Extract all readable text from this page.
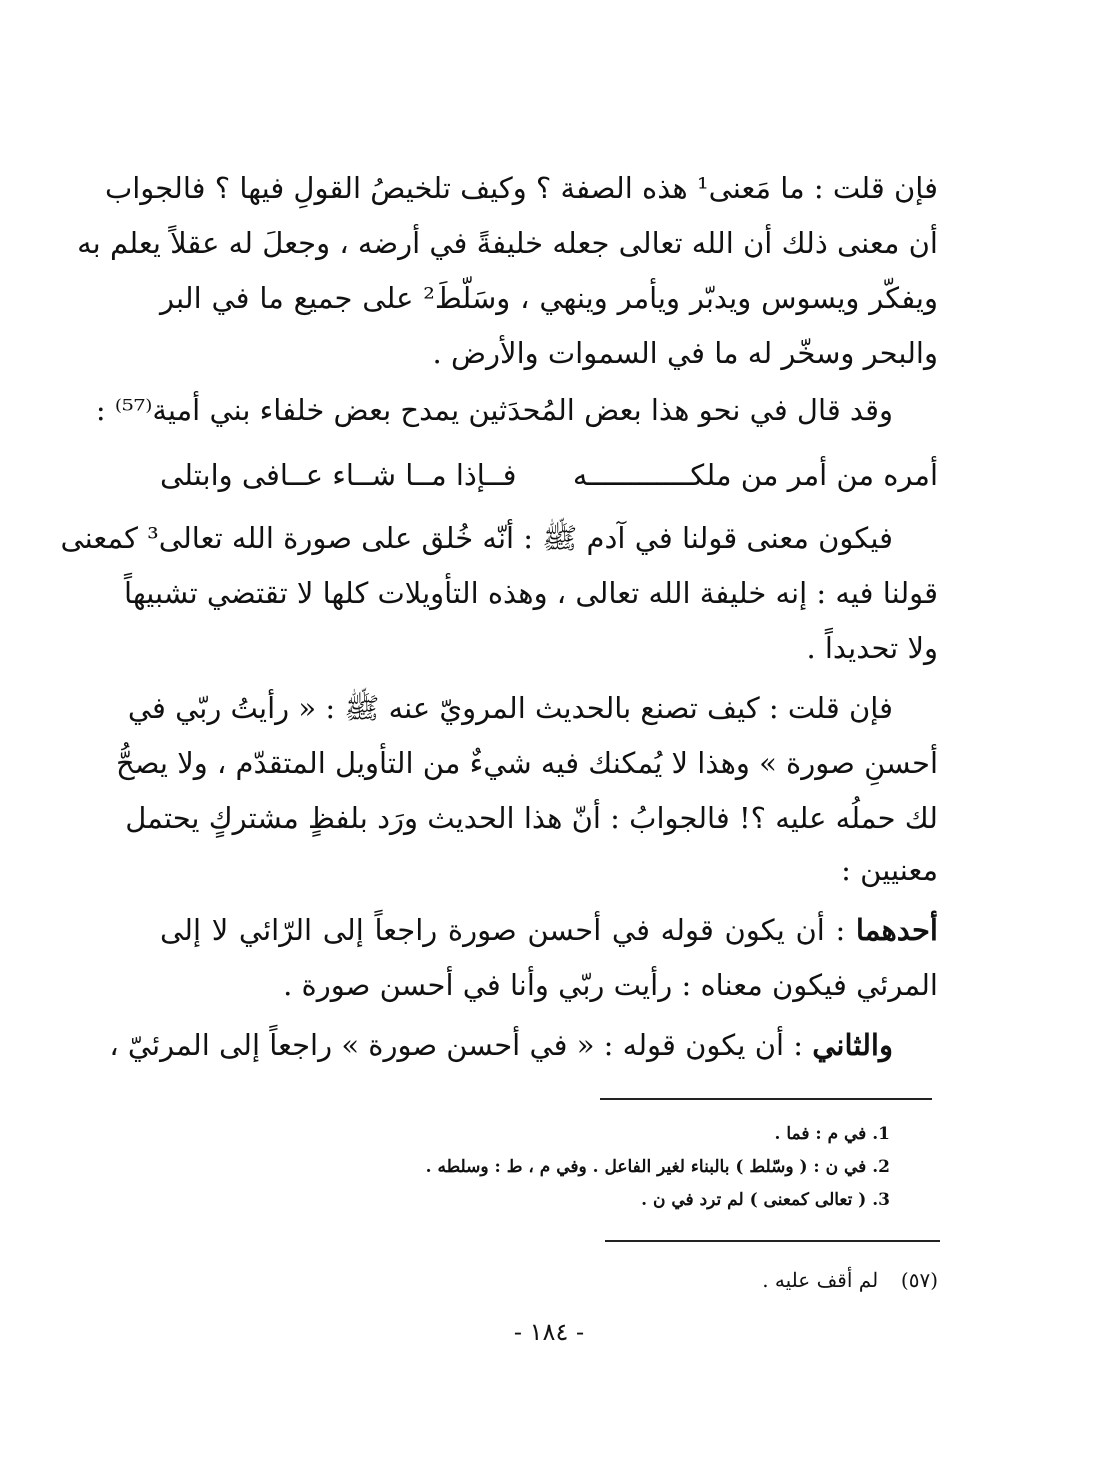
فإن قلت : ما مَعنى¹ هذه الصفة ؟ وكيف تلخيصُ القولِ فيها ؟ فالجواب
أن معنى ذلك أن الله تعالى جعله خليفةً في أرضه ، وجعلَ له عقلاً يعلم به
ويفكّر ويسوس ويدبّر ويأمر وينهي ، وسَلّطَ² على جميع ما في البر
والبحر وسخّر له ما في السموات والأرض .
وقد قال في نحو هذا بعض المُحدَثين يمدح بعض خلفاء بني أمية⁽⁵⁷⁾ :
أمره من أمر من ملكــــــــــــه
فــإذا مــا شــاء عــافى وابتلى
فيكون معنى قولنا في آدم ﷺ : أنّه خُلق على صورة الله تعالى³ كمعنى
قولنا فيه : إنه خليفة الله تعالى ، وهذه التأويلات كلها لا تقتضي تشبيهاً
ولا تحديداً .
فإن قلت : كيف تصنع بالحديث المرويّ عنه ﷺ : « رأيتُ ربّي في
أحسنِ صورة » وهذا لا يُمكنك فيه شيءٌ من التأويل المتقدّم ، ولا يصحُّ
لك حملُه عليه ؟! فالجوابُ : أنّ هذا الحديث ورَد بلفظٍ مشتركٍ يحتمل
معنيين :
أحدهما : أن يكون قوله في أحسن صورة راجعاً إلى الرّائي لا إلى
المرئي فيكون معناه : رأيت ربّي وأنا في أحسن صورة .
والثاني : أن يكون قوله : « في أحسن صورة » راجعاً إلى المرئيّ ،
1. في م : فما .
2. في ن : ( وسّلط ) بالبناء لغير الفاعل . وفي م ، ط : وسلطه .
3. ( تعالى كمعنى ) لم ترد في ن .
(٥٧)  لم أقف عليه .
- ١٨٤ -
